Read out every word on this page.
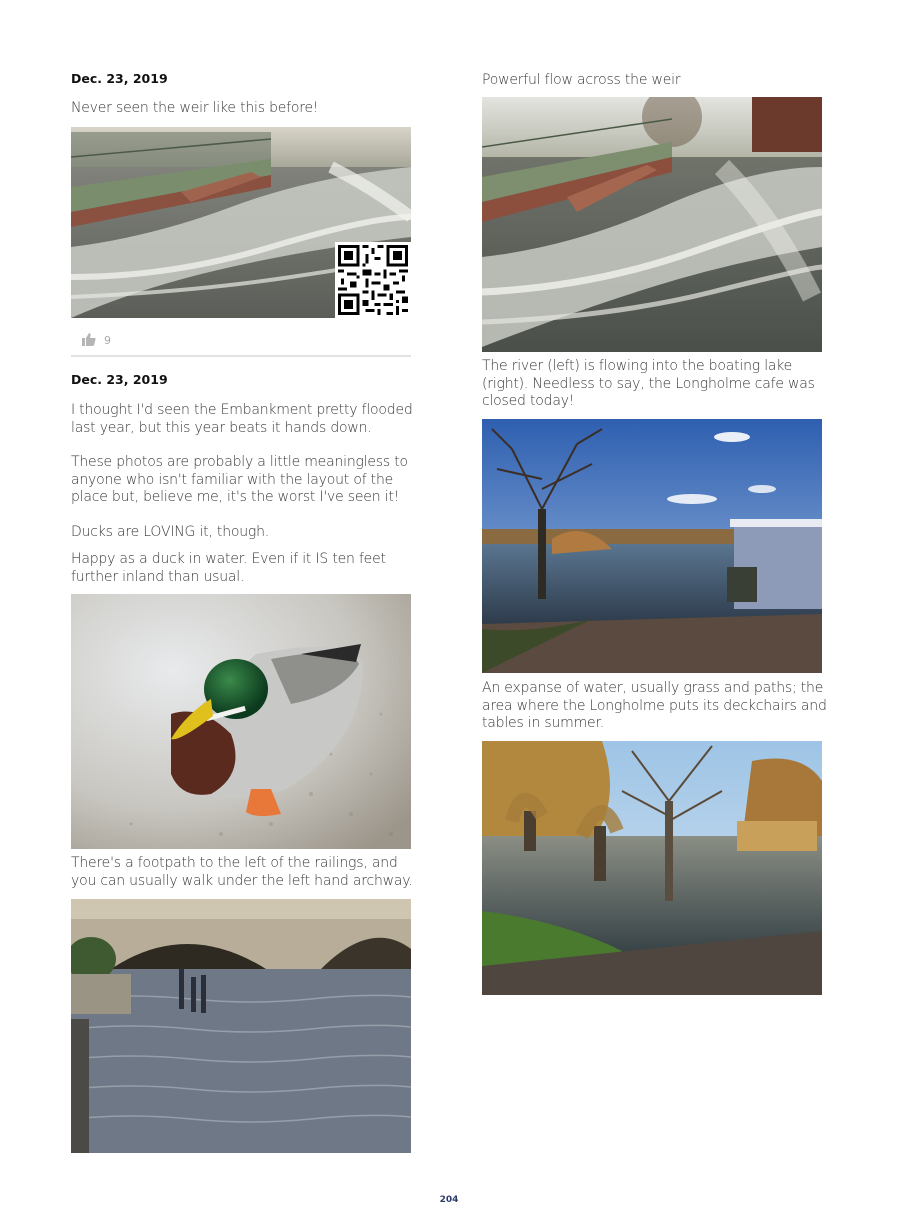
Dec. 23, 2019
Never seen the weir like this before!
9
Dec. 23, 2019
I thought I'd seen the Embankment pretty flooded
last year, but this year beats it hands down.
These photos are probably a little meaningless to
anyone who isn't familiar with the layout of the
place but, believe me, it's the worst I've seen it!
Ducks are LOVING it, though.
Happy as a duck in water. Even if it IS ten feet
further inland than usual.
There's a footpath to the left of the railings, and
you can usually walk under the left hand archway.
Powerful flow across the weir
The river (left) is flowing into the boating lake
(right). Needless to say, the Longholme cafe was
closed today!
An expanse of water, usually grass and paths; the
area where the Longholme puts its deckchairs and
tables in summer.
204
